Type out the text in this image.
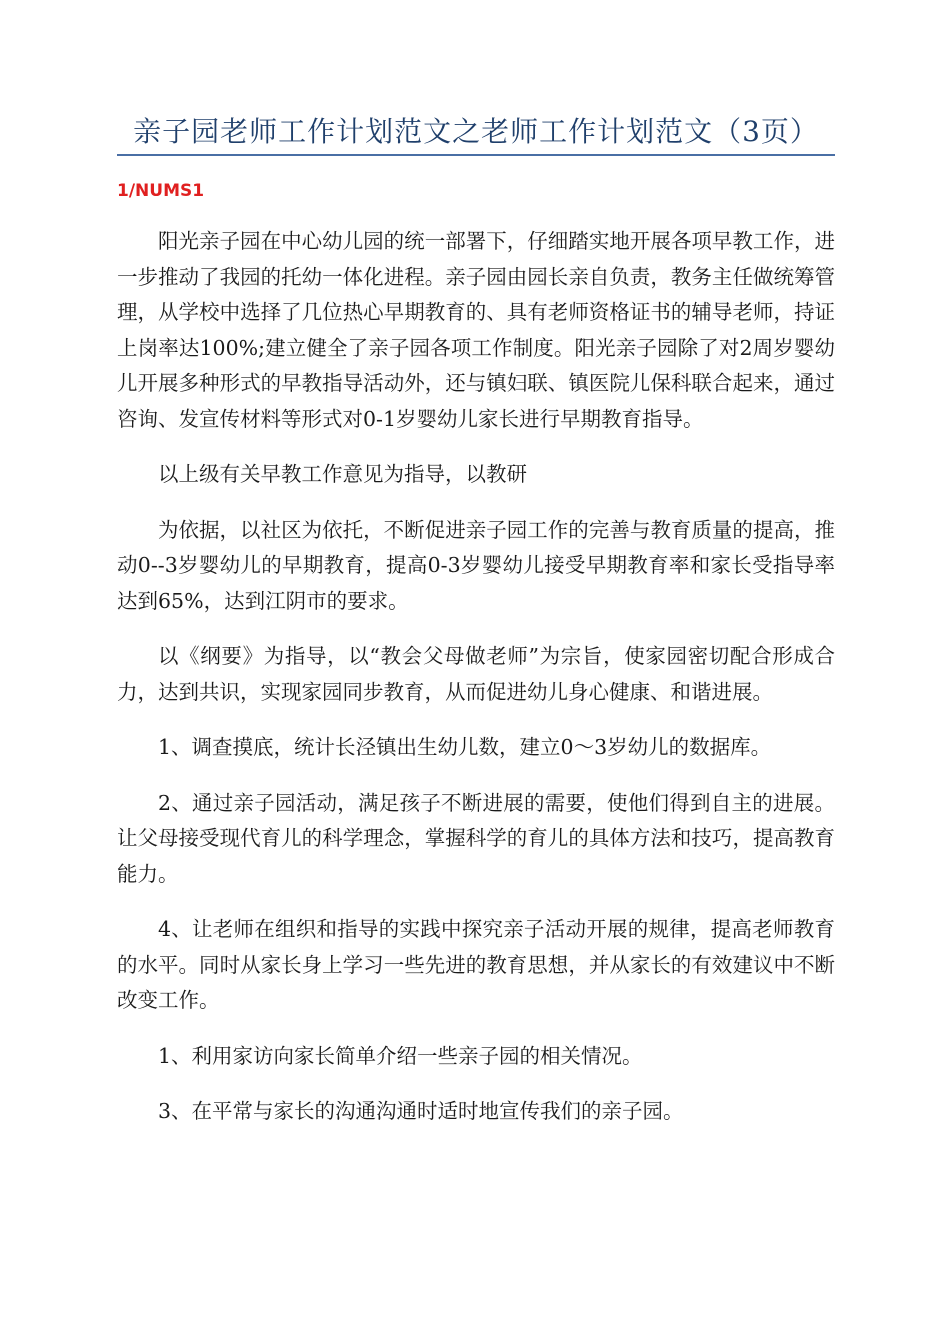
亲子园老师工作计划范文之老师工作计划范文（3页）
1/NUMS1

阳光亲子园在中心幼儿园的统一部署下，仔细踏实地开展各项早教工作，进一步推动了我园的托幼一体化进程。亲子园由园长亲自负责，教务主任做统筹管理，从学校中选择了几位热心早期教育的、具有老师资格证书的辅导老师，持证上岗率达100%;建立健全了亲子园各项工作制度。阳光亲子园除了对2周岁婴幼儿开展多种形式的早教指导活动外，还与镇妇联、镇医院儿保科联合起来，通过咨询、发宣传材料等形式对0-1岁婴幼儿家长进行早期教育指导。

以上级有关早教工作意见为指导，以教研

为依据，以社区为依托，不断促进亲子园工作的完善与教育质量的提高，推动0--3岁婴幼儿的早期教育，提高0-3岁婴幼儿接受早期教育率和家长受指导率达到65%，达到江阴市的要求。

以《纲要》为指导，以“教会父母做老师”为宗旨，使家园密切配合形成合力，达到共识，实现家园同步教育，从而促进幼儿身心健康、和谐进展。

1、调查摸底，统计长泾镇出生幼儿数，建立0～3岁幼儿的数据库。

2、通过亲子园活动，满足孩子不断进展的需要，使他们得到自主的进展。让父母接受现代育儿的科学理念，掌握科学的育儿的具体方法和技巧，提高教育能力。

4、让老师在组织和指导的实践中探究亲子活动开展的规律，提高老师教育的水平。同时从家长身上学习一些先进的教育思想，并从家长的有效建议中不断改变工作。

1、利用家访向家长简单介绍一些亲子园的相关情况。

3、在平常与家长的沟通沟通时适时地宣传我们的亲子园。
